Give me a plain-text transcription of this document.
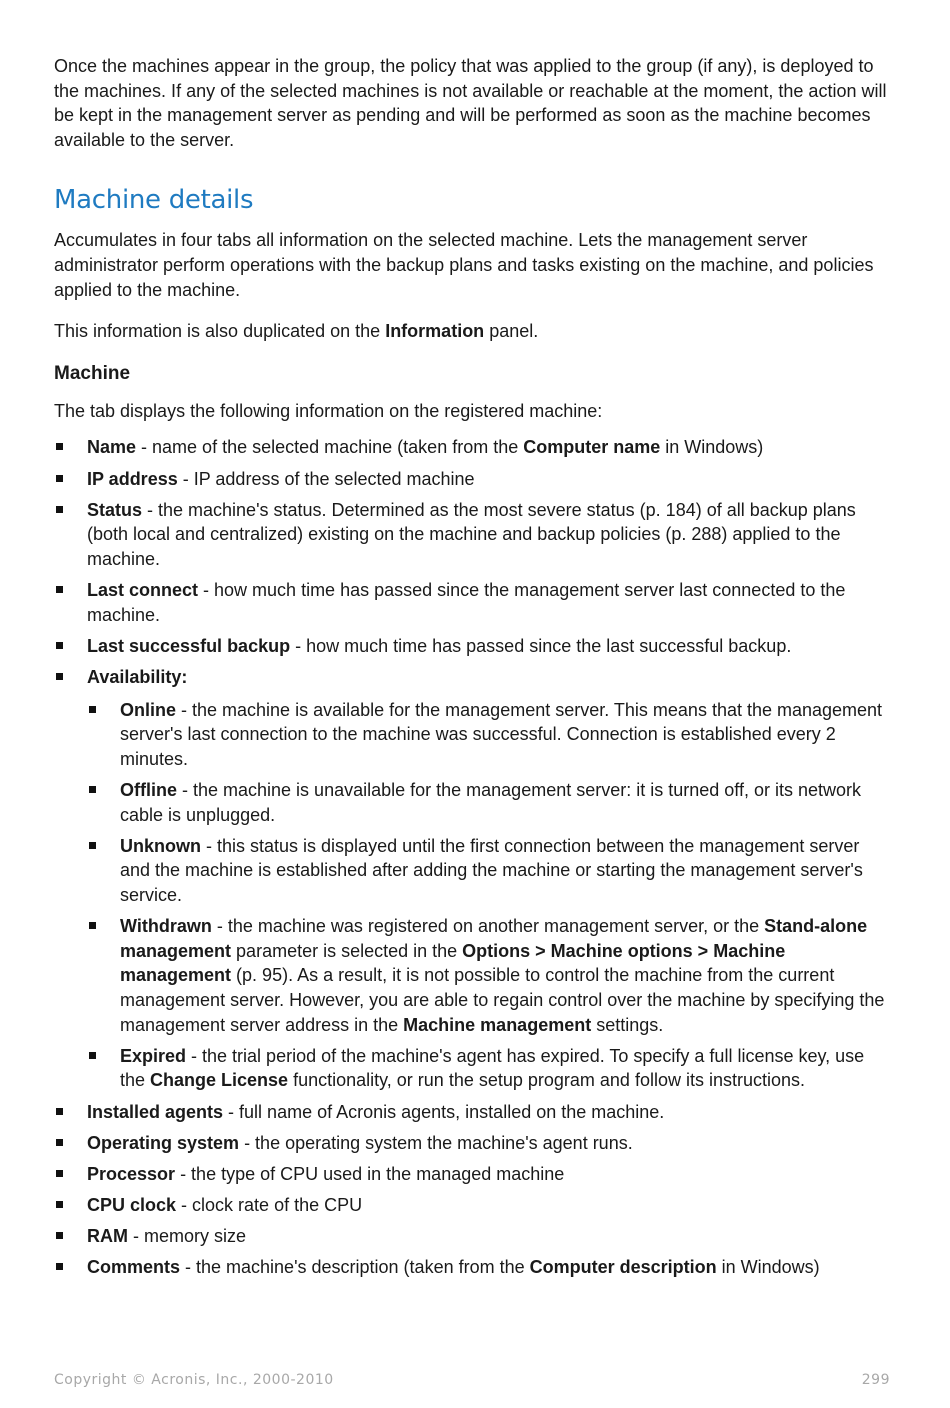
Once the machines appear in the group, the policy that was applied to the group (if any), is deployed to the machines. If any of the selected machines is not available or reachable at the moment, the action will be kept in the management server as pending and will be performed as soon as the machine becomes available to the server.

Machine details

Accumulates in four tabs all information on the selected machine. Lets the management server administrator perform operations with the backup plans and tasks existing on the machine, and policies applied to the machine.

This information is also duplicated on the Information panel.

Machine

The tab displays the following information on the registered machine:

Name - name of the selected machine (taken from the Computer name in Windows)
IP address - IP address of the selected machine
Status - the machine's status. Determined as the most severe status (p. 184) of all backup plans (both local and centralized) existing on the machine and backup policies (p. 288) applied to the machine.
Last connect - how much time has passed since the management server last connected to the machine.
Last successful backup - how much time has passed since the last successful backup.
Availability:
Online - the machine is available for the management server. This means that the management server's last connection to the machine was successful. Connection is established every 2 minutes.
Offline - the machine is unavailable for the management server: it is turned off, or its network cable is unplugged.
Unknown - this status is displayed until the first connection between the management server and the machine is established after adding the machine or starting the management server's service.
Withdrawn - the machine was registered on another management server, or the Stand-alone management parameter is selected in the Options > Machine options > Machine management (p. 95). As a result, it is not possible to control the machine from the current management server. However, you are able to regain control over the machine by specifying the management server address in the Machine management settings.
Expired - the trial period of the machine's agent has expired. To specify a full license key, use the Change License functionality, or run the setup program and follow its instructions.
Installed agents - full name of Acronis agents, installed on the machine.
Operating system - the operating system the machine's agent runs.
Processor - the type of CPU used in the managed machine
CPU clock - clock rate of the CPU
RAM - memory size
Comments - the machine's description (taken from the Computer description in Windows)
Copyright © Acronis, Inc., 2000-2010	299
